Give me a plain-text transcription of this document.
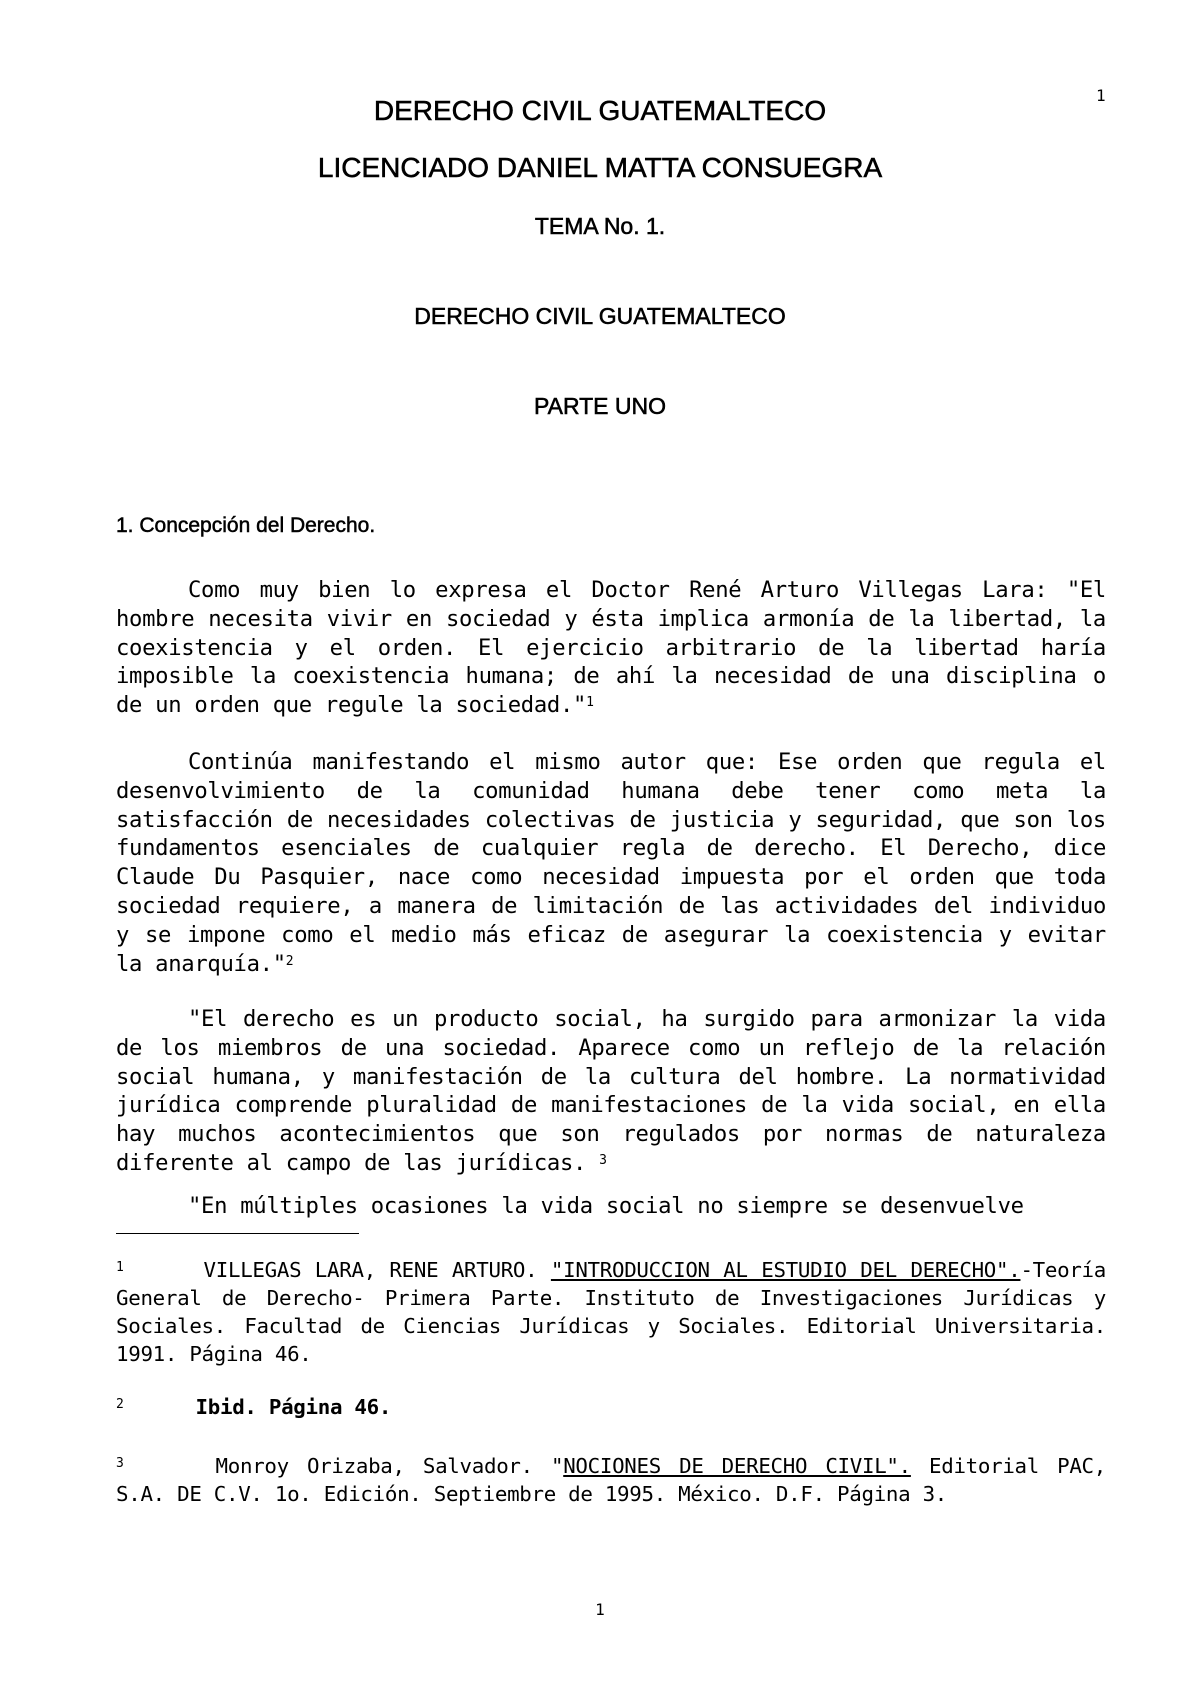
1
DERECHO CIVIL GUATEMALTECO
LICENCIADO DANIEL MATTA CONSUEGRA
TEMA No. 1.
DERECHO CIVIL GUATEMALTECO
PARTE UNO
1. Concepción del Derecho.

Como muy bien lo expresa el Doctor René Arturo Villegas Lara: "El hombre necesita vivir en sociedad y ésta implica armonía de la libertad, la coexistencia y el orden. El ejercicio arbitrario de la libertad haría imposible la coexistencia humana; de ahí la necesidad de una disciplina o de un orden que regule la sociedad."$^1$

Continúa manifestando el mismo autor que: Ese orden que regula el desenvolvimiento de la comunidad humana debe tener como meta la satisfacción de necesidades colectivas de justicia y seguridad, que son los fundamentos esenciales de cualquier regla de derecho. El Derecho, dice Claude Du Pasquier, nace como necesidad impuesta por el orden que toda sociedad requiere, a manera de limitación de las actividades del individuo y se impone como el medio más eficaz de asegurar la coexistencia y evitar la anarquía."$^2$

"El derecho es un producto social, ha surgido para armonizar la vida de los miembros de una sociedad. Aparece como un reflejo de la relación social humana, y manifestación de la cultura del hombre. La normatividad jurídica comprende pluralidad de manifestaciones de la vida social, en ella hay muchos acontecimientos que son regulados por normas de naturaleza diferente al campo de las jurídicas. $^3$

"En múltiples ocasiones la vida social no siempre se desenvuelve

$^1$	VILLEGAS LARA, RENE ARTURO. "INTRODUCCION AL ESTUDIO DEL DERECHO".-Teoría General de Derecho- Primera Parte. Instituto de Investigaciones Jurídicas y Sociales. Facultad de Ciencias Jurídicas y Sociales. Editorial Universitaria. 1991. Página 46.

$^2$	Ibid. Página 46.

$^3$	Monroy Orizaba, Salvador. "NOCIONES DE DERECHO CIVIL". Editorial PAC, S.A. DE C.V. 1o. Edición. Septiembre de 1995. México. D.F. Página 3.

1
